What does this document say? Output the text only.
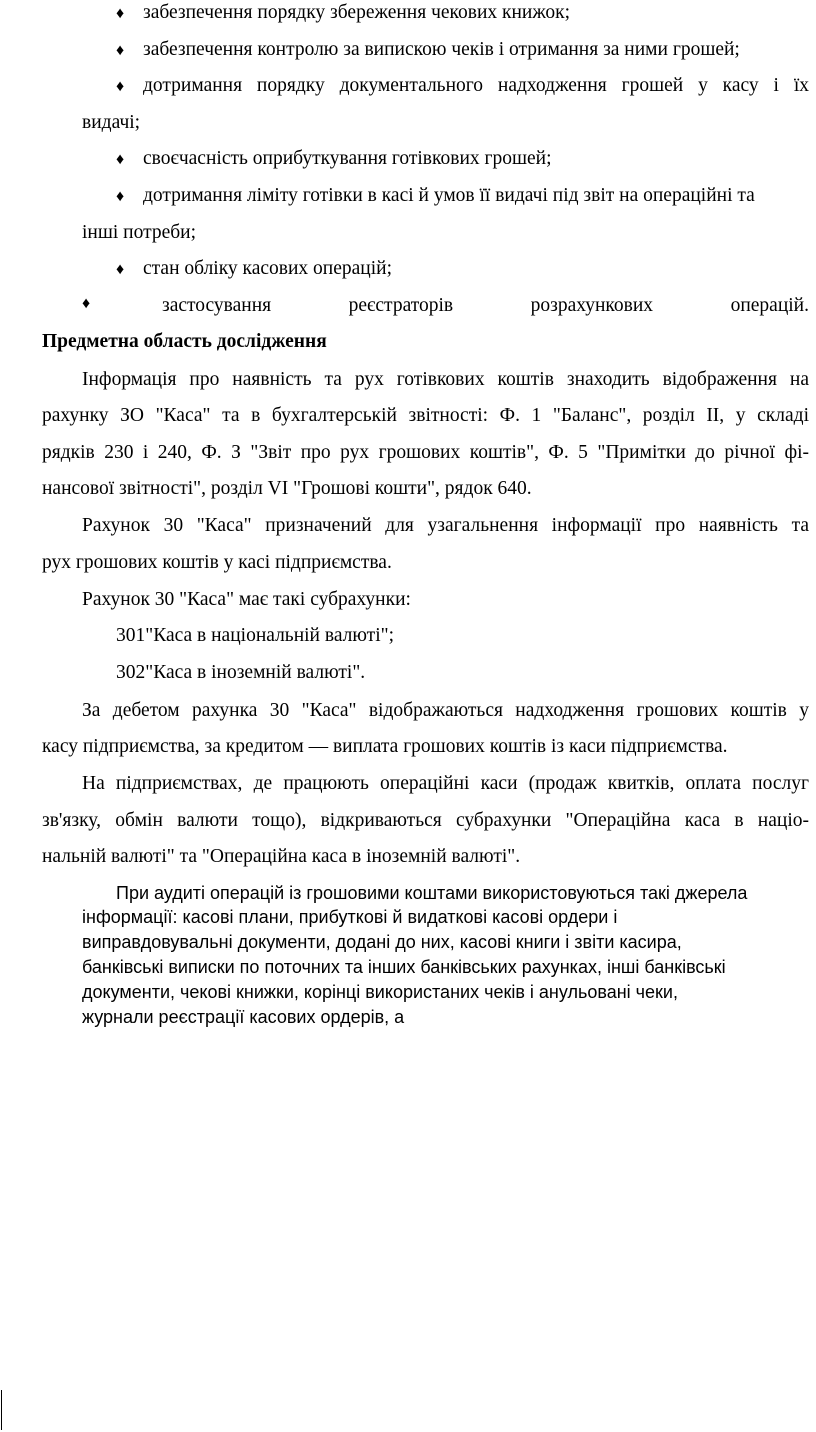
♦ забезпечення порядку збереження чекових книжок;
♦ забезпечення контролю за випискою чеків і отримання за ними грошей;
♦ дотримання порядку документального надходження грошей у касу і їх
видачі;
♦ своєчасність оприбуткування готівкових грошей;
♦ дотримання ліміту готівки в касі й умов її видачі під звіт на операційні та
інші потреби;
♦ стан обліку касових операцій;
♦	застосування реєстраторів розрахункових операцій.
Предметна область дослідження
Інформація про наявність та рух готівкових коштів знаходить відображення на
рахунку ЗО "Каса" та в бухгалтерській звітності: Ф. 1 "Баланс", розділ II, у складі
рядків 230 і 240, Ф. З "Звіт про рух грошових коштів", Ф. 5 "Примітки до річної фі-
нансової звітності", розділ VI "Грошові кошти", рядок 640.
Рахунок 30 "Каса" призначений для узагальнення інформації про наявність та
рух грошових коштів у касі підприємства.
Рахунок 30 "Каса" має такі субрахунки:
301"Каса в національній валюті";
302"Каса в іноземній валюті".
За дебетом рахунка 30 "Каса" відображаються надходження грошових коштів у
касу підприємства, за кредитом — виплата грошових коштів із каси підприємства.
На підприємствах, де працюють операційні каси (продаж квитків, оплата послуг
зв'язку, обмін валюти тощо), відкриваються субрахунки "Операційна каса в націо-
нальній валюті" та "Операційна каса в іноземній валюті".
При аудиті операцій із грошовими коштами використовуються такі джерела
інформації: касові плани, прибуткові й видаткові касові ордери і
виправдовувальні документи, додані до них, касові книги і звіти касира,
банківські виписки по поточних та інших банківських рахунках, інші банківські
документи, чекові книжки, корінці використаних чеків і анульовані чеки,
журнали реєстрації касових ордерів, а
